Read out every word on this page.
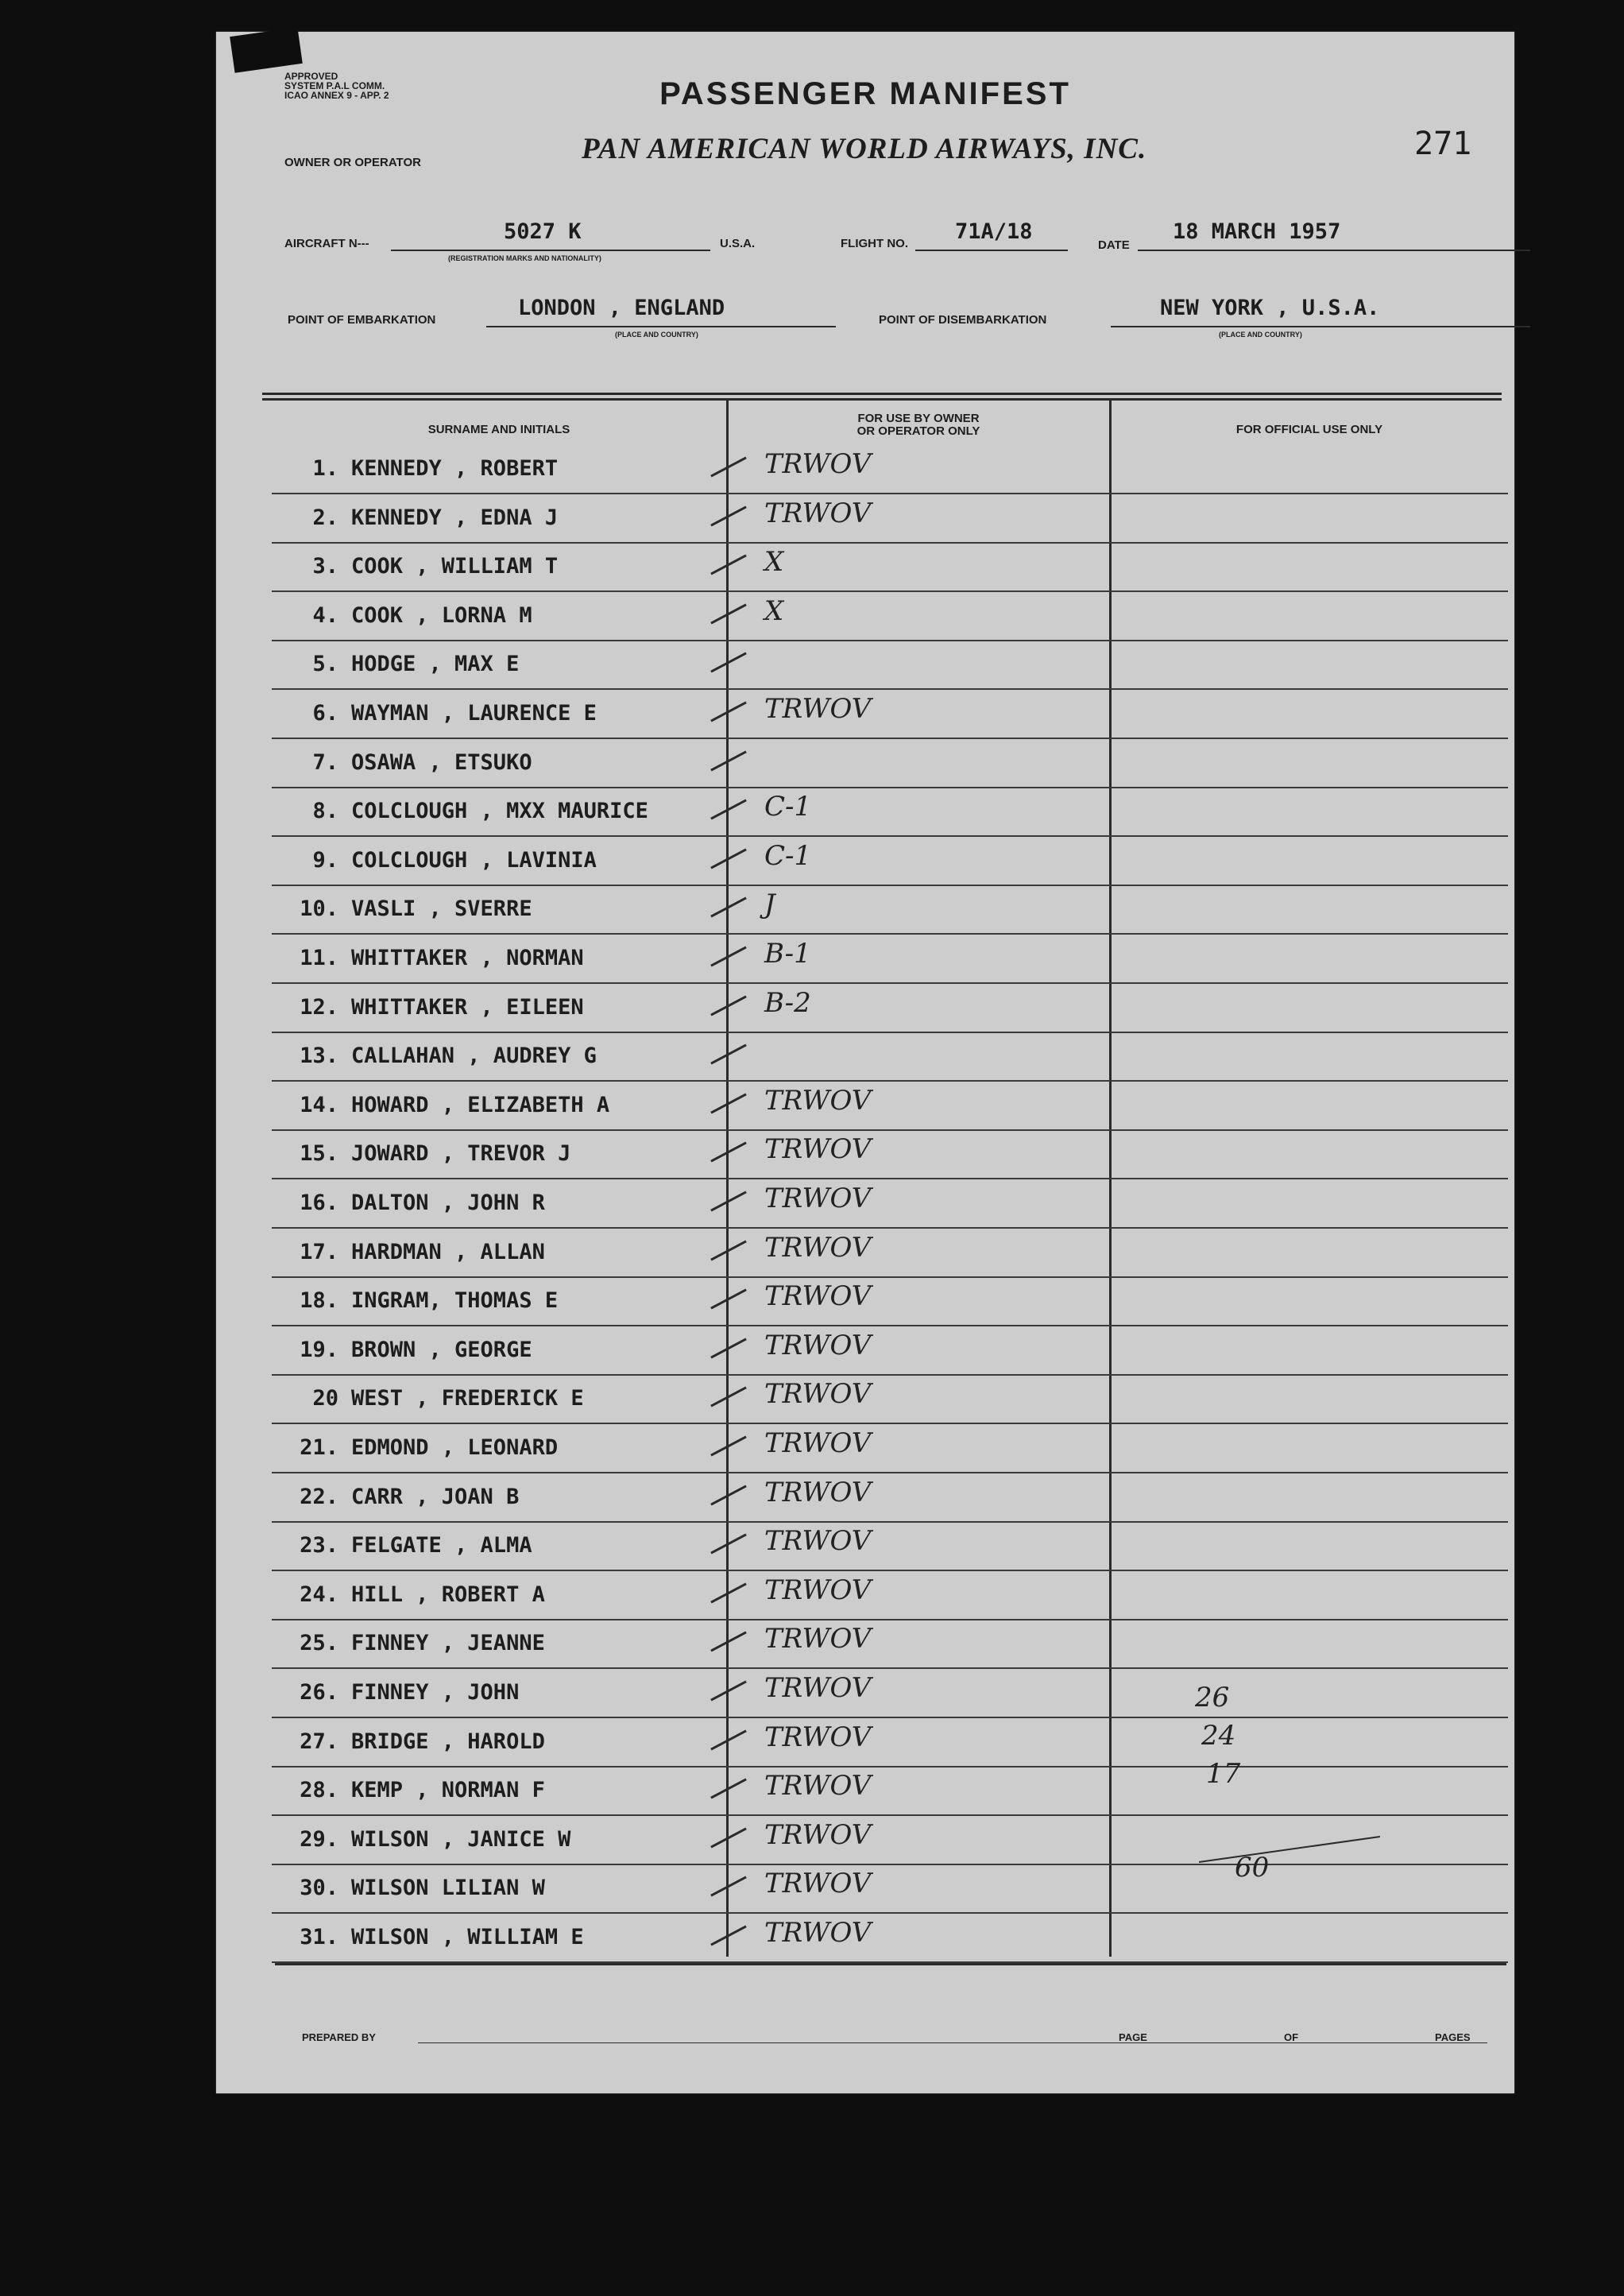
APPROVED
SYSTEM P.A.L COMM.
ICAO ANNEX 9 - APP. 2	PASSENGER MANIFEST
271
OWNER OR OPERATOR	PAN AMERICAN WORLD AIRWAYS, INC.
AIRCRAFT N---	5027 K
(REGISTRATION MARKS AND NATIONALITY)
U.S.A.	FLIGHT NO. 71A/18
DATE
18 MARCH 1957
POINT OF EMBARKATION	LONDON , ENGLAND
(PLACE AND COUNTRY)
POINT OF DISEMBARKATION	NEW YORK , U.S.A.
(PLACE AND COUNTRY)
SURNAME AND INITIALS
FOR USE BY OWNER
OR OPERATOR ONLY	FOR OFFICIAL USE ONLY
1. KENNEDY , ROBERT	TRWOV
2. KENNEDY , EDNA J	TRWOV
3. COOK , WILLIAM T	X
4. COOK , LORNA M	X
5. HODGE , MAX E
6. WAYMAN , LAURENCE E	TRWOV
7. OSAWA , ETSUKO
8. COLCLOUGH , MXX MAURICE	C-1
9. COLCLOUGH , LAVINIA	C-1
10. VASLI , SVERRE	J
11. WHITTAKER , NORMAN	B-1
12. WHITTAKER , EILEEN	B-2
13. CALLAHAN , AUDREY G
14. HOWARD , ELIZABETH A	TRWOV
15. JOWARD , TREVOR J	TRWOV
16. DALTON , JOHN R	TRWOV
17. HARDMAN , ALLAN	TRWOV
18. INGRAM, THOMAS E	TRWOV
19. BROWN , GEORGE	TRWOV
20 WEST , FREDERICK E	TRWOV
21. EDMOND , LEONARD	TRWOV
22. CARR , JOAN B	TRWOV
23. FELGATE , ALMA	TRWOV
24. HILL , ROBERT A	TRWOV
25. FINNEY , JEANNE	TRWOV
26. FINNEY , JOHN	TRWOV
27. BRIDGE , HAROLD	TRWOV
28. KEMP , NORMAN F	TRWOV
29. WILSON , JANICE W	TRWOV
30. WILSON LILIAN W	TRWOV
31. WILSON , WILLIAM E	TRWOV
26
24
17
60
PREPARED BY	PAGE	OF	PAGES
